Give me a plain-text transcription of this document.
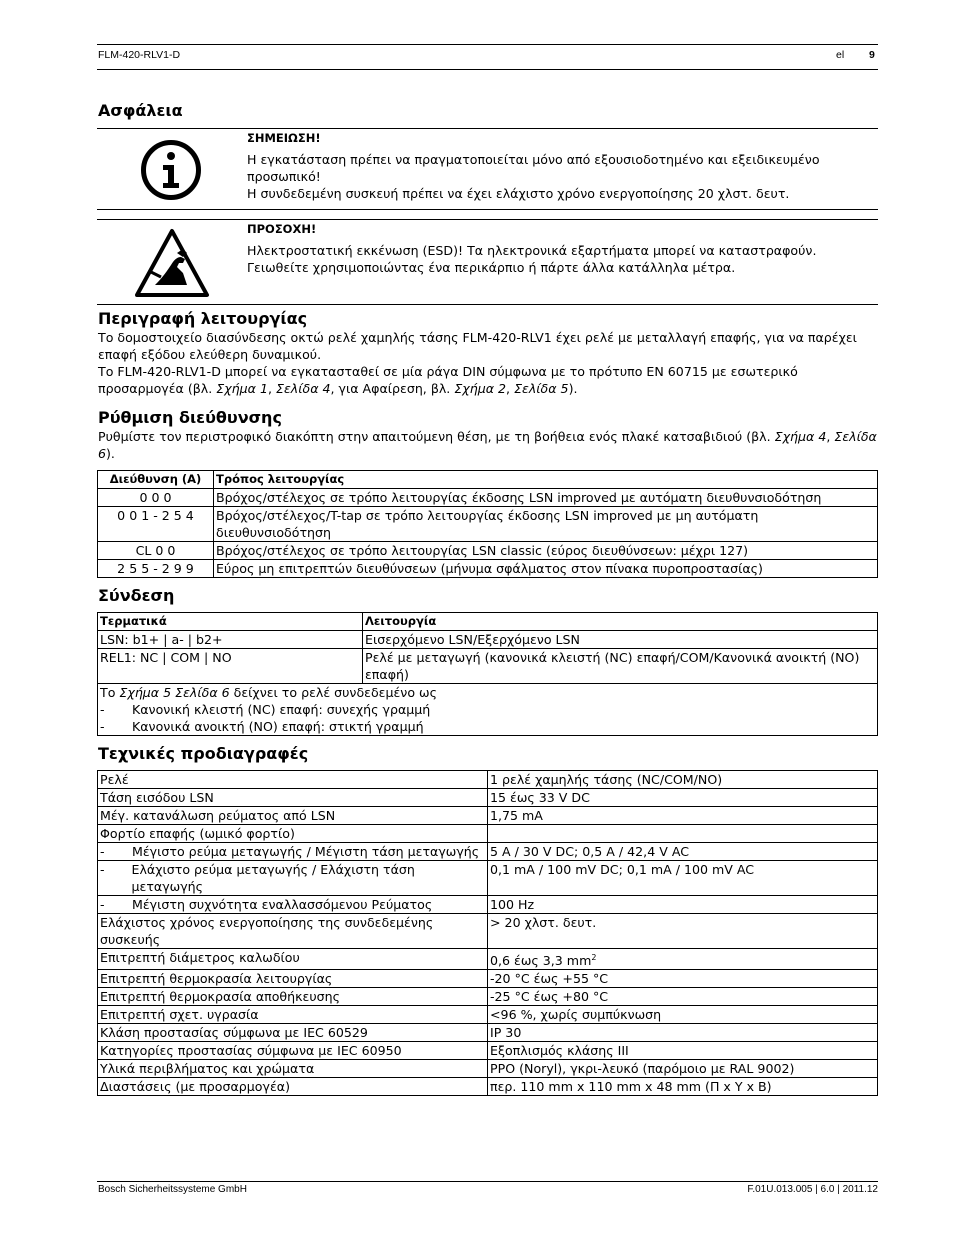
FLM-420-RLV1-D	el 9
Ασφάλεια
ΣΗΜΕΙΩΣΗ!
Η εγκατάσταση πρέπει να πραγματοποιείται μόνο από εξουσιοδοτημένο και εξειδικευμένο προσωπικό!
Η συνδεδεμένη συσκευή πρέπει να έχει ελάχιστο χρόνο ενεργοποίησης 20 χλστ. δευτ.
ΠΡΟΣΟΧΗ!
Ηλεκτροστατική εκκένωση (ESD)! Τα ηλεκτρονικά εξαρτήματα μπορεί να καταστραφούν.
Γειωθείτε χρησιμοποιώντας ένα περικάρπιο ή πάρτε άλλα κατάλληλα μέτρα.
Περιγραφή λειτουργίας

Το δομοστοιχείο διασύνδεσης οκτώ ρελέ χαμηλής τάσης FLM-420-RLV1 έχει ρελέ με μεταλλαγή επαφής, για να παρέχει επαφή εξόδου ελεύθερη δυναμικού.

Το FLM-420-RLV1-D μπορεί να εγκατασταθεί σε μία ράγα DIN σύμφωνα με το πρότυπο EN 60715 με εσωτερικό προσαρμογέα (βλ. Σχήμα 1, Σελίδα 4, για Αφαίρεση, βλ. Σχήμα 2, Σελίδα 5).

Ρύθμιση διεύθυνσης

Ρυθμίστε τον περιστροφικό διακόπτη στην απαιτούμενη θέση, με τη βοήθεια ενός πλακέ κατσαβιδιού (βλ. Σχήμα 4, Σελίδα 6).

Διεύθυνση (A)	Τρόπος λειτουργίας
0 0 0	Βρόχος/στέλεχος σε τρόπο λειτουργίας έκδοσης LSN improved με αυτόματη διευθυνσιοδότηση
0 0 1 - 2 5 4	Βρόχος/στέλεχος/T-tap σε τρόπο λειτουργίας έκδοσης LSN improved με μη αυτόματη διευθυνσιοδότηση
CL 0 0	Βρόχος/στέλεχος σε τρόπο λειτουργίας LSN classic (εύρος διευθύνσεων: μέχρι 127)
2 5 5 - 2 9 9	Εύρος μη επιτρεπτών διευθύνσεων (μήνυμα σφάλματος στον πίνακα πυροπροστασίας)
Σύνδεση
Τερματικά	Λειτουργία
LSN: b1+ | a- | b2+	Εισερχόμενο LSN/Εξερχόμενο LSN
REL1: NC | COM | NO	Ρελέ με μεταγωγή (κανονικά κλειστή (NC) επαφή/COM/Κανονικά ανοικτή (NO) επαφή)

Το Σχήμα 5 Σελίδα 6 δείχνει το ρελέ συνδεδεμένο ως
- Κανονική κλειστή (NC) επαφή: συνεχής γραμμή
- Κανονικά ανοικτή (NO) επαφή: στικτή γραμμή	
Τεχνικές προδιαγραφές
Ρελέ	1 ρελέ χαμηλής τάσης (NC/COM/NO)
Τάση εισόδου LSN	15 έως 33 V DC
Μέγ. κατανάλωση ρεύματος από LSN	1,75 mA
Φορτίο επαφής (ωμικό φορτίο)	

- Μέγιστο ρεύμα μεταγωγής / Μέγιστη τάση μεταγωγής	5 A / 30 V DC; 0,5 A / 42,4 V AC

- Ελάχιστο ρεύμα μεταγωγής / Ελάχιστη τάση μεταγωγής	0,1 mA / 100 mV DC; 0,1 mA / 100 mV AC

- Μέγιστη συχνότητα εναλλασσόμενου Ρεύματος	100 Hz
Ελάχιστος χρόνος ενεργοποίησης της συνδεδεμένης συσκευής	> 20 χλστ. δευτ.
Επιτρεπτή διάμετρος καλωδίου	0,6 έως 3,3 $mm^2$
Επιτρεπτή θερμοκρασία λειτουργίας	-20 °C έως +55 °C
Επιτρεπτή θερμοκρασία αποθήκευσης	-25 °C έως +80 °C
Επιτρεπτή σχετ. υγρασία	<96 %, χωρίς συμπύκνωση
Κλάση προστασίας σύμφωνα με IEC 60529	IP 30
Κατηγορίες προστασίας σύμφωνα με IEC 60950	Εξοπλισμός κλάσης III
Υλικά περιβλήματος και χρώματα	PPO (Noryl), γκρι-λευκό (παρόμοιο με RAL 9002)
Διαστάσεις (με προσαρμογέα)	περ. 110 mm x 110 mm x 48 mm (Π x Υ x Β)
Bosch Sicherheitssysteme GmbH	F.01U.013.005 | 6.0 | 2011.12
